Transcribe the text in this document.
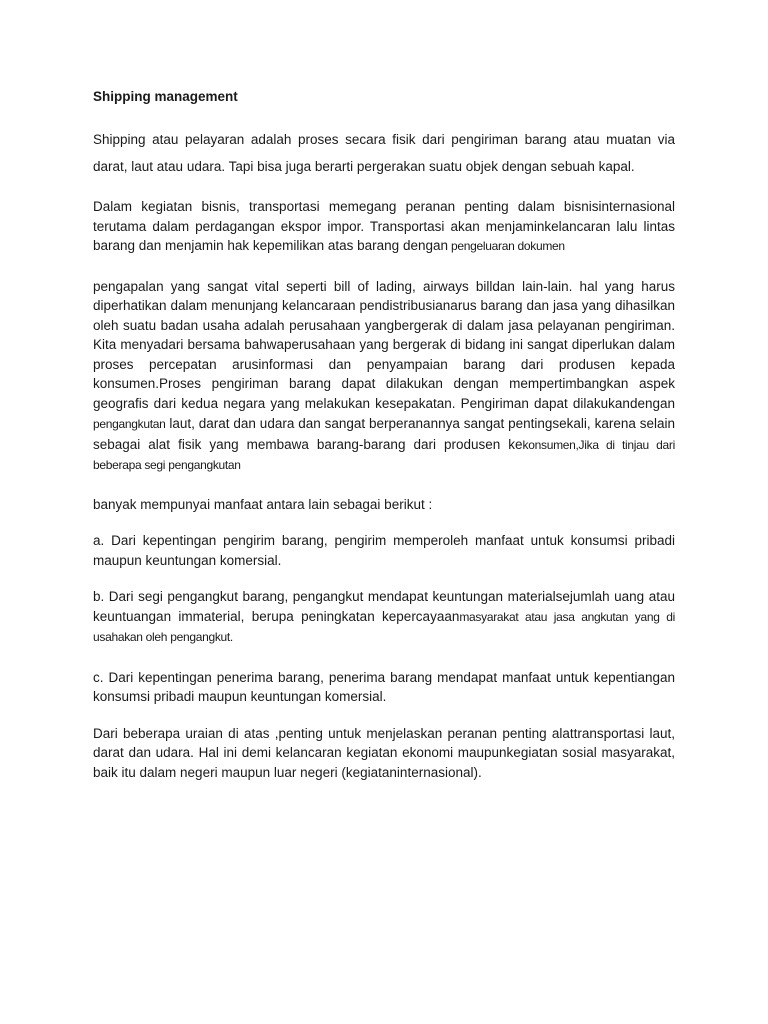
Shipping management

Shipping atau pelayaran adalah proses secara fisik dari pengiriman barang atau muatan via darat, laut atau udara. Tapi bisa juga berarti pergerakan suatu objek dengan sebuah kapal.

Dalam kegiatan bisnis, transportasi memegang peranan penting dalam bisnisinternasional terutama dalam perdagangan ekspor impor. Transportasi akan menjaminkelancaran lalu lintas barang dan menjamin hak kepemilikan atas barang dengan pengeluaran dokumen

pengapalan yang sangat vital seperti bill of lading, airways billdan lain-lain. hal yang harus diperhatikan dalam menunjang kelancaraan pendistribusianarus barang dan jasa yang dihasilkan oleh suatu badan usaha adalah perusahaan yangbergerak di dalam jasa pelayanan pengiriman. Kita menyadari bersama bahwaperusahaan yang bergerak di bidang ini sangat diperlukan dalam proses percepatan arusinformasi dan penyampaian barang dari produsen kepada konsumen.Proses pengiriman barang dapat dilakukan dengan mempertimbangkan aspek geografis dari kedua negara yang melakukan kesepakatan. Pengiriman dapat dilakukandengan pengangkutan laut, darat dan udara dan sangat berperanannya sangat pentingsekali, karena selain sebagai alat fisik yang membawa barang-barang dari produsen kekonsumen,Jika di tinjau dari beberapa segi pengangkutan

banyak mempunyai manfaat antara lain sebagai berikut :

a. Dari kepentingan pengirim barang, pengirim memperoleh manfaat untuk konsumsi pribadi maupun keuntungan komersial.

b. Dari segi pengangkut barang, pengangkut mendapat keuntungan materialsejumlah uang atau keuntuangan immaterial, berupa peningkatan kepercayaanmasyarakat atau jasa angkutan yang di usahakan oleh pengangkut.

c. Dari kepentingan penerima barang, penerima barang mendapat manfaat untuk kepentiangan konsumsi pribadi maupun keuntungan komersial.

Dari beberapa uraian di atas ,penting untuk menjelaskan peranan penting alattransportasi laut, darat dan udara. Hal ini demi kelancaran kegiatan ekonomi maupunkegiatan sosial masyarakat, baik itu dalam negeri maupun luar negeri (kegiataninternasional).
